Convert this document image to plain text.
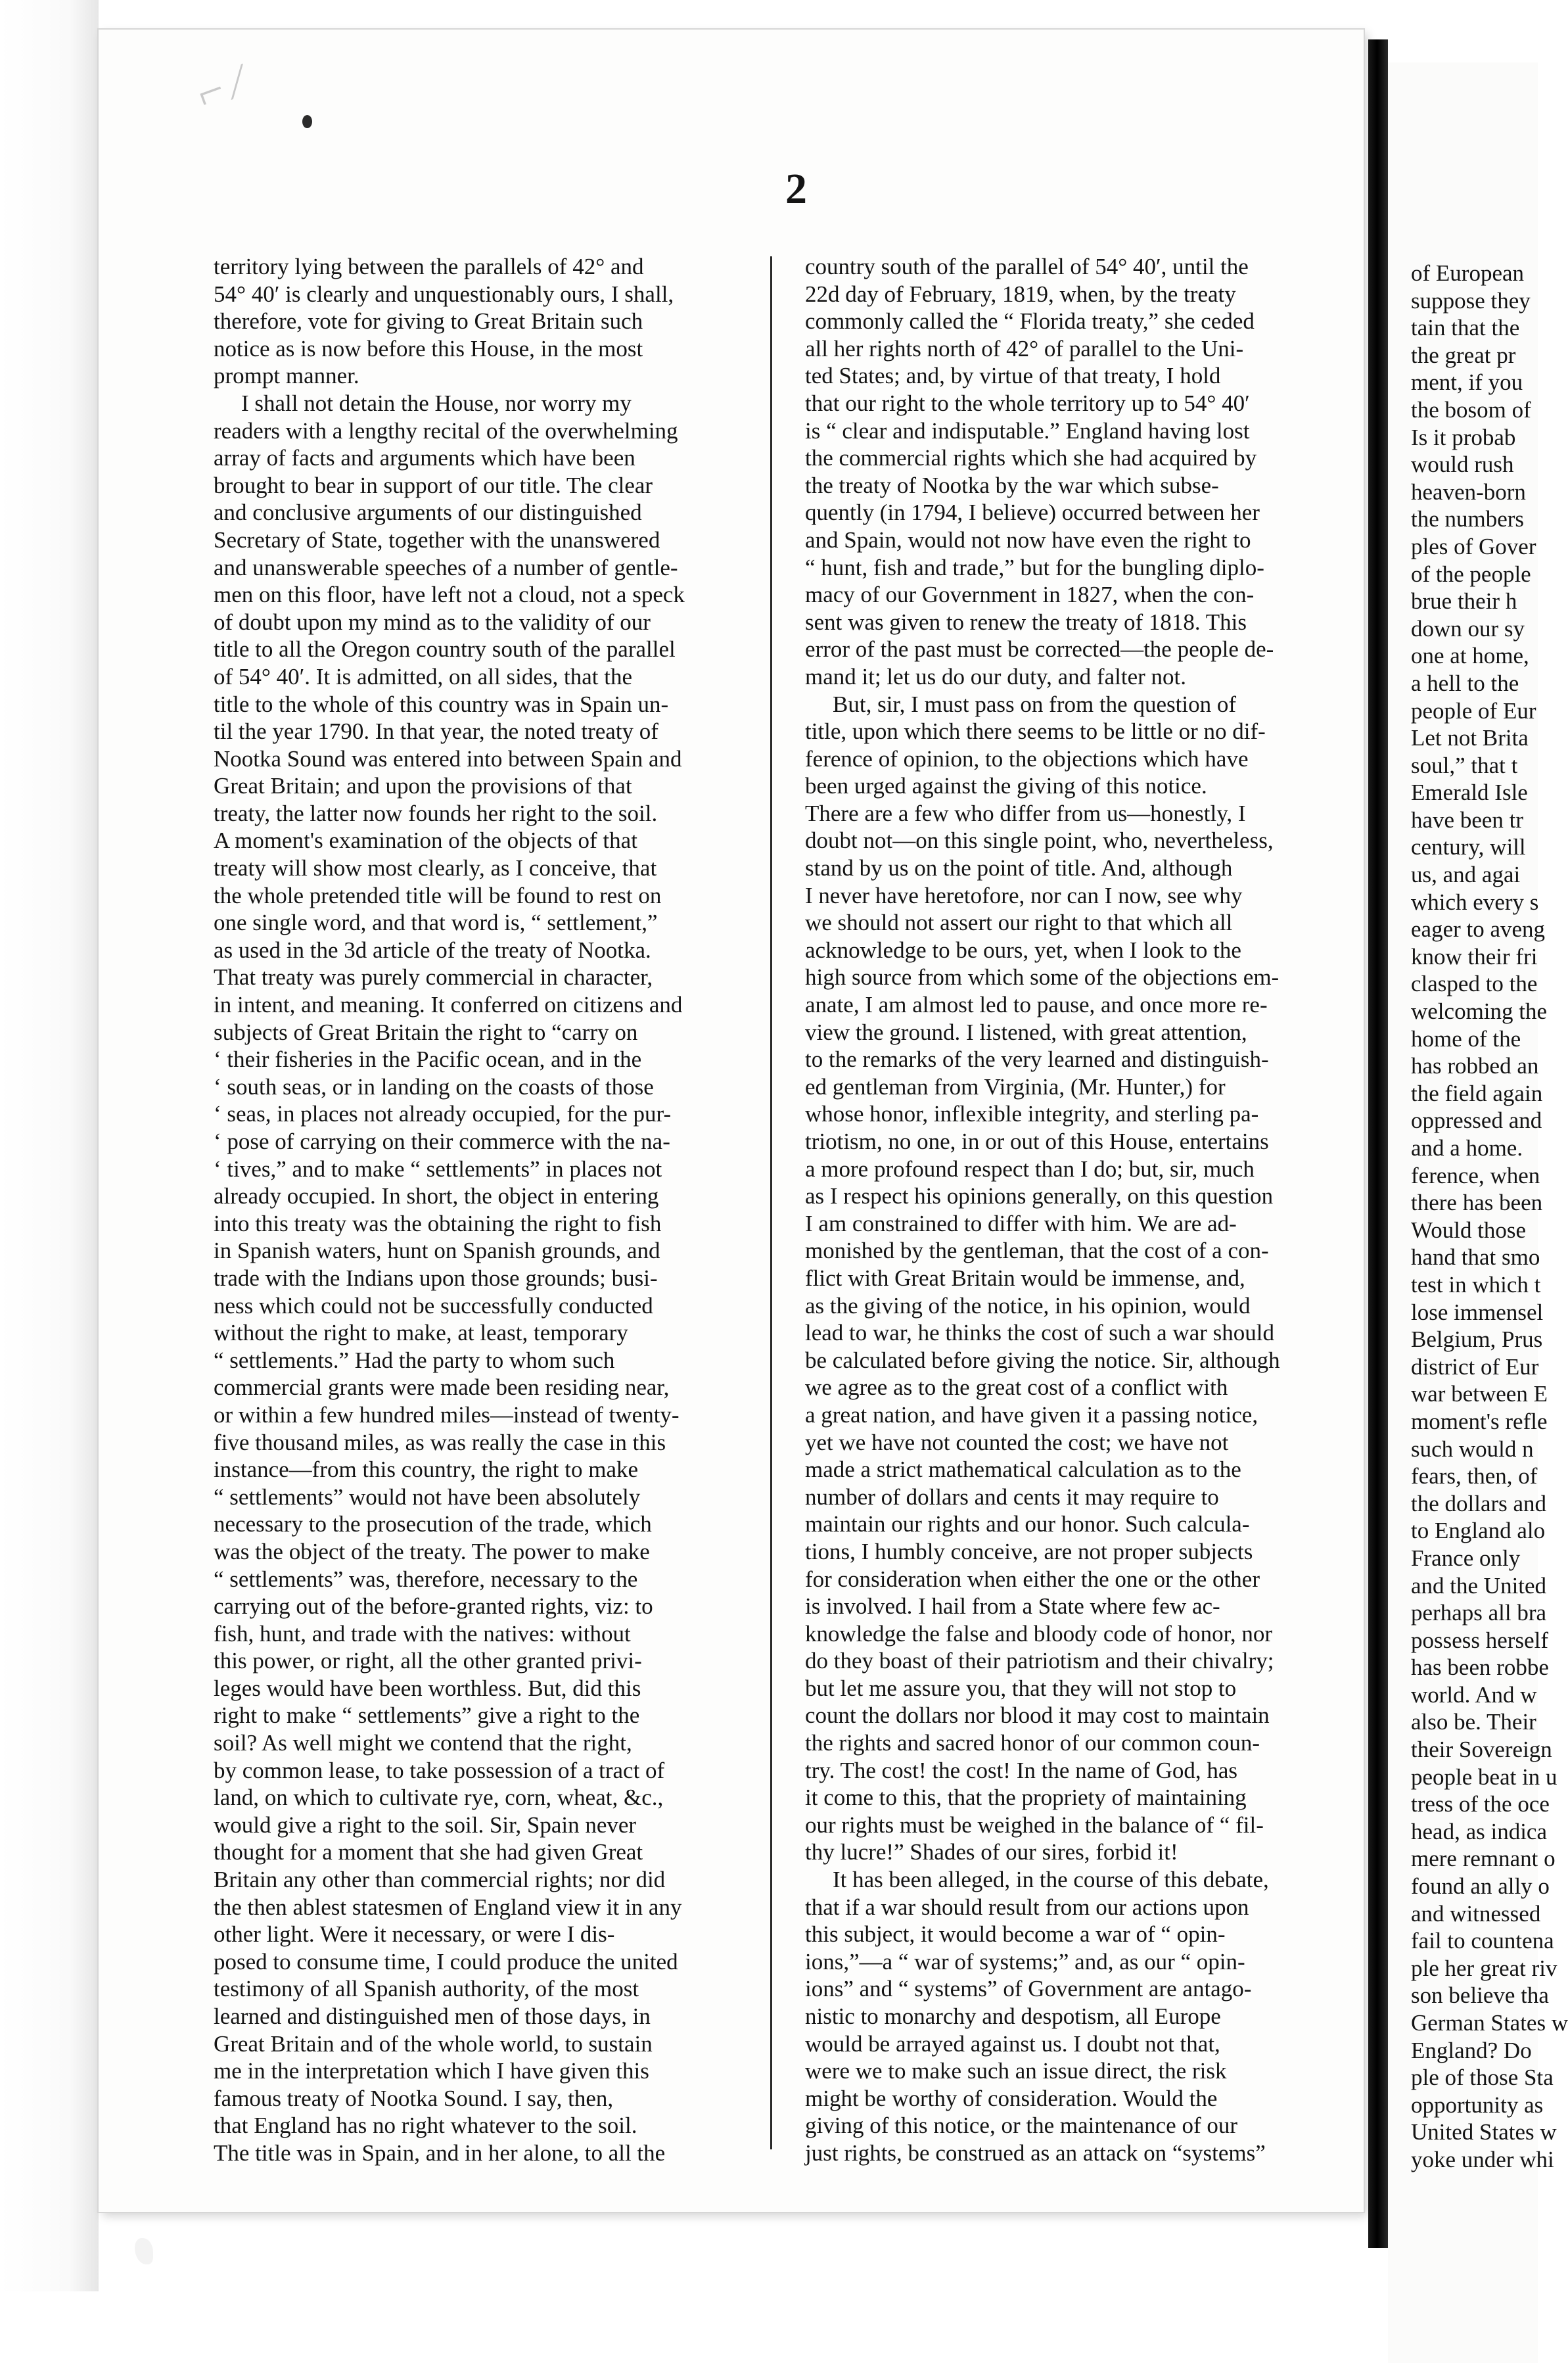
⌐ ⁄
2
territory lying between the parallels of 42° and
54° 40′ is clearly and unquestionably ours, I shall,
therefore, vote for giving to Great Britain such
notice as is now before this House, in the most
prompt manner.
I shall not detain the House, nor worry my
readers with a lengthy recital of the overwhelming
array of facts and arguments which have been
brought to bear in support of our title. The clear
and conclusive arguments of our distinguished
Secretary of State, together with the unanswered
and unanswerable speeches of a number of gentle-
men on this floor, have left not a cloud, not a speck
of doubt upon my mind as to the validity of our
title to all the Oregon country south of the parallel
of 54° 40′. It is admitted, on all sides, that the
title to the whole of this country was in Spain un-
til the year 1790. In that year, the noted treaty of
Nootka Sound was entered into between Spain and
Great Britain; and upon the provisions of that
treaty, the latter now founds her right to the soil.
A moment's examination of the objects of that
treaty will show most clearly, as I conceive, that
the whole pretended title will be found to rest on
one single word, and that word is, “ settlement,”
as used in the 3d article of the treaty of Nootka.
That treaty was purely commercial in character,
in intent, and meaning. It conferred on citizens and
subjects of Great Britain the right to “carry on
‘ their fisheries in the Pacific ocean, and in the
‘ south seas, or in landing on the coasts of those
‘ seas, in places not already occupied, for the pur-
‘ pose of carrying on their commerce with the na-
‘ tives,” and to make “ settlements” in places not
already occupied. In short, the object in entering
into this treaty was the obtaining the right to fish
in Spanish waters, hunt on Spanish grounds, and
trade with the Indians upon those grounds; busi-
ness which could not be successfully conducted
without the right to make, at least, temporary
“ settlements.” Had the party to whom such
commercial grants were made been residing near,
or within a few hundred miles—instead of twenty-
five thousand miles, as was really the case in this
instance—from this country, the right to make
“ settlements” would not have been absolutely
necessary to the prosecution of the trade, which
was the object of the treaty. The power to make
“ settlements” was, therefore, necessary to the
carrying out of the before-granted rights, viz: to
fish, hunt, and trade with the natives: without
this power, or right, all the other granted privi-
leges would have been worthless. But, did this
right to make “ settlements” give a right to the
soil? As well might we contend that the right,
by common lease, to take possession of a tract of
land, on which to cultivate rye, corn, wheat, &c.,
would give a right to the soil. Sir, Spain never
thought for a moment that she had given Great
Britain any other than commercial rights; nor did
the then ablest statesmen of England view it in any
other light. Were it necessary, or were I dis-
posed to consume time, I could produce the united
testimony of all Spanish authority, of the most
learned and distinguished men of those days, in
Great Britain and of the whole world, to sustain
me in the interpretation which I have given this
famous treaty of Nootka Sound. I say, then,
that England has no right whatever to the soil.
The title was in Spain, and in her alone, to all the
country south of the parallel of 54° 40′, until the
22d day of February, 1819, when, by the treaty
commonly called the “ Florida treaty,” she ceded
all her rights north of 42° of parallel to the Uni-
ted States; and, by virtue of that treaty, I hold
that our right to the whole territory up to 54° 40′
is “ clear and indisputable.” England having lost
the commercial rights which she had acquired by
the treaty of Nootka by the war which subse-
quently (in 1794, I believe) occurred between her
and Spain, would not now have even the right to
“ hunt, fish and trade,” but for the bungling diplo-
macy of our Government in 1827, when the con-
sent was given to renew the treaty of 1818. This
error of the past must be corrected—the people de-
mand it; let us do our duty, and falter not.
But, sir, I must pass on from the question of
title, upon which there seems to be little or no dif-
ference of opinion, to the objections which have
been urged against the giving of this notice.
There are a few who differ from us—honestly, I
doubt not—on this single point, who, nevertheless,
stand by us on the point of title. And, although
I never have heretofore, nor can I now, see why
we should not assert our right to that which all
acknowledge to be ours, yet, when I look to the
high source from which some of the objections em-
anate, I am almost led to pause, and once more re-
view the ground. I listened, with great attention,
to the remarks of the very learned and distinguish-
ed gentleman from Virginia, (Mr. Hunter,) for
whose honor, inflexible integrity, and sterling pa-
triotism, no one, in or out of this House, entertains
a more profound respect than I do; but, sir, much
as I respect his opinions generally, on this question
I am constrained to differ with him. We are ad-
monished by the gentleman, that the cost of a con-
flict with Great Britain would be immense, and,
as the giving of the notice, in his opinion, would
lead to war, he thinks the cost of such a war should
be calculated before giving the notice. Sir, although
we agree as to the great cost of a conflict with
a great nation, and have given it a passing notice,
yet we have not counted the cost; we have not
made a strict mathematical calculation as to the
number of dollars and cents it may require to
maintain our rights and our honor. Such calcula-
tions, I humbly conceive, are not proper subjects
for consideration when either the one or the other
is involved. I hail from a State where few ac-
knowledge the false and bloody code of honor, nor
do they boast of their patriotism and their chivalry;
but let me assure you, that they will not stop to
count the dollars nor blood it may cost to maintain
the rights and sacred honor of our common coun-
try. The cost! the cost! In the name of God, has
it come to this, that the propriety of maintaining
our rights must be weighed in the balance of “ fil-
thy lucre!” Shades of our sires, forbid it!
It has been alleged, in the course of this debate,
that if a war should result from our actions upon
this subject, it would become a war of “ opin-
ions,”—a “ war of systems;” and, as our “ opin-
ions” and “ systems” of Government are antago-
nistic to monarchy and despotism, all Europe
would be arrayed against us. I doubt not that,
were we to make such an issue direct, the risk
might be worthy of consideration. Would the
giving of this notice, or the maintenance of our
just rights, be construed as an attack on “systems”
of European
suppose they
tain that the
the great pr
ment, if you
the bosom of
Is it probab
would rush
heaven-born
the numbers
ples of Gover
of the people
brue their h
down our sy
one at home,
a hell to the
people of Eur
Let not Brita
soul,” that t
Emerald Isle
have been tr
century, will
us, and agai
which every s
eager to aveng
know their fri
clasped to the
welcoming the
home of the
has robbed an
the field again
oppressed and
and a home.
ference, when
there has been
Would those
hand that smo
test in which t
lose immensel
Belgium, Prus
district of Eur
war between E
moment's refle
such would n
fears, then, of
the dollars and
to England alo
France only
and the United
perhaps all bra
possess herself
has been robbe
world. And w
also be. Their
their Sovereign
people beat in u
tress of the oce
head, as indica
mere remnant o
found an ally o
and witnessed
fail to countena
ple her great riv
son believe tha
German States w
England? Do
ple of those Sta
opportunity as
United States w
yoke under whi
